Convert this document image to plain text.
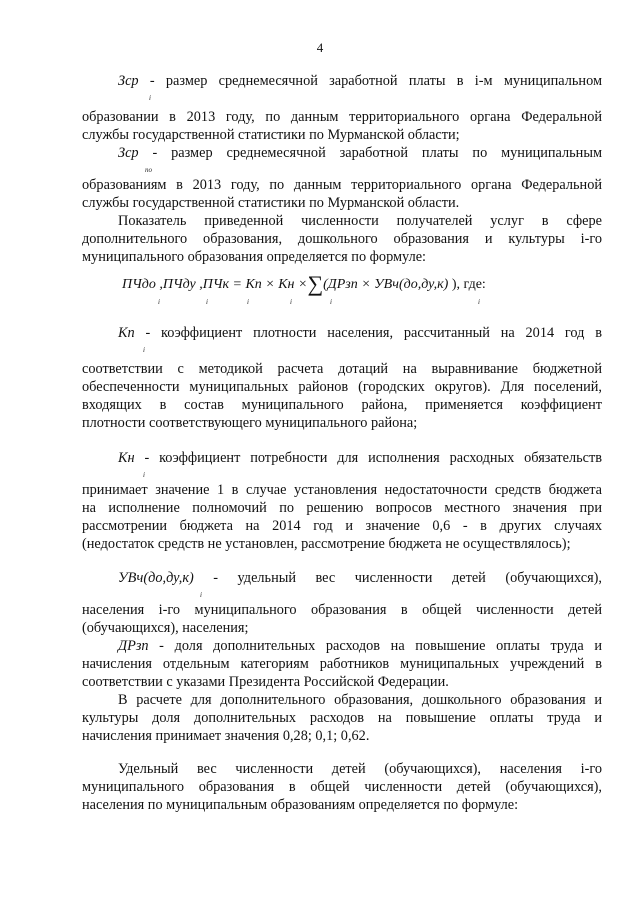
4
Зср - размер среднемесячной заработной платы в i-м муниципальном
i
образовании в 2013 году, по данным территориального органа Федеральной
службы государственной статистики по Мурманской области;
Зср - размер среднемесячной заработной платы по муниципальным
по
образованиям в 2013 году, по данным территориального органа Федеральной
службы государственной статистики по Мурманской области.
Показатель приведенной численности получателей услуг в сфере
дополнительного образования, дошкольного образования и культуры i-го
муниципального образования определяется по формуле:
ПЧдо ,ПЧду ,ПЧк = Кп × Кн ×∑(ДРзп × УВч(до,ду,к) ), где:
i	i	i	i	i	i
Кп - коэффициент плотности населения, рассчитанный на 2014 год в
i
соответствии с методикой расчета дотаций на выравнивание бюджетной
обеспеченности муниципальных районов (городских округов). Для поселений,
входящих в состав муниципального района, применяется коэффициент
плотности соответствующего муниципального района;
Кн - коэффициент потребности для исполнения расходных обязательств
i
принимает значение 1 в случае установления недостаточности средств бюджета
на исполнение полномочий по решению вопросов местного значения при
рассмотрении бюджета на 2014 год и значение 0,6 - в других случаях
(недостаток средств не установлен, рассмотрение бюджета не осуществлялось);
УВч(до,ду,к) - удельный вес численности детей (обучающихся),
i
населения i-го муниципального образования в общей численности детей
(обучающихся), населения;
ДРзп - доля дополнительных расходов на повышение оплаты труда и
начисления отдельным категориям работников муниципальных учреждений в
соответствии с указами Президента Российской Федерации.
В расчете для дополнительного образования, дошкольного образования и
культуры доля дополнительных расходов на повышение оплаты труда и
начисления принимает значения 0,28; 0,1; 0,62.
Удельный вес численности детей (обучающихся), населения i-го
муниципального образования в общей численности детей (обучающихся),
населения по муниципальным образованиям определяется по формуле:
